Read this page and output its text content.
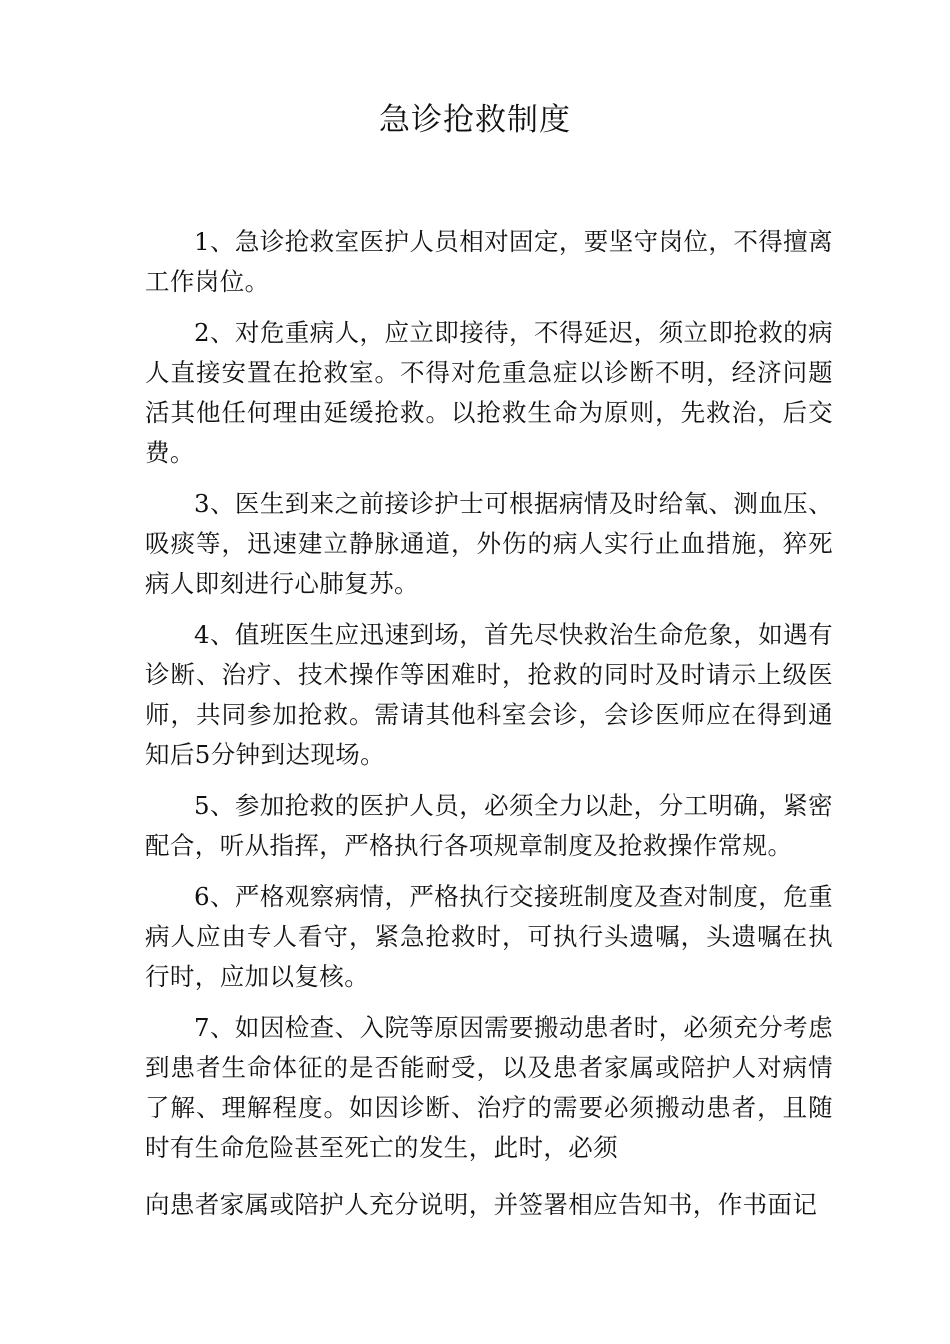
急诊抢救制度

1、急诊抢救室医护人员相对固定，要坚守岗位，不得擅离工作岗位。

2、对危重病人，应立即接待，不得延迟，须立即抢救的病人直接安置在抢救室。不得对危重急症以诊断不明，经济问题活其他任何理由延缓抢救。以抢救生命为原则，先救治，后交费。

3、医生到来之前接诊护士可根据病情及时给氧、测血压、吸痰等，迅速建立静脉通道，外伤的病人实行止血措施，猝死病人即刻进行心肺复苏。

4、值班医生应迅速到场，首先尽快救治生命危象，如遇有诊断、治疗、技术操作等困难时，抢救的同时及时请示上级医师，共同参加抢救。需请其他科室会诊，会诊医师应在得到通知后5分钟到达现场。

5、参加抢救的医护人员，必须全力以赴，分工明确，紧密配合，听从指挥，严格执行各项规章制度及抢救操作常规。

6、严格观察病情，严格执行交接班制度及查对制度，危重病人应由专人看守，紧急抢救时，可执行头遗嘱，头遗嘱在执行时，应加以复核。

7、如因检查、入院等原因需要搬动患者时，必须充分考虑到患者生命体征的是否能耐受，以及患者家属或陪护人对病情了解、理解程度。如因诊断、治疗的需要必须搬动患者，且随时有生命危险甚至死亡的发生，此时，必须

向患者家属或陪护人充分说明，并签署相应告知书，作书面记
